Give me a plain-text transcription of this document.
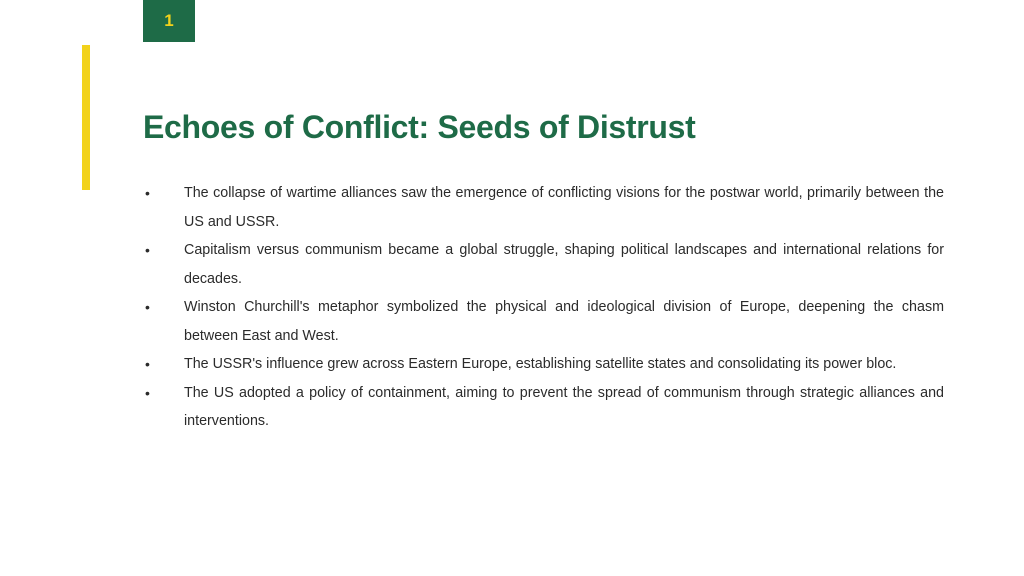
1
Echoes of Conflict: Seeds of Distrust
• The collapse of wartime alliances saw the emergence of conflicting visions for the postwar world, primarily between the US and USSR.
• Capitalism versus communism became a global struggle, shaping political landscapes and international relations for decades.
• Winston Churchill's metaphor symbolized the physical and ideological division of Europe, deepening the chasm between East and West.
• The USSR's influence grew across Eastern Europe, establishing satellite states and consolidating its power bloc.
• The US adopted a policy of containment, aiming to prevent the spread of communism through strategic alliances and interventions.
